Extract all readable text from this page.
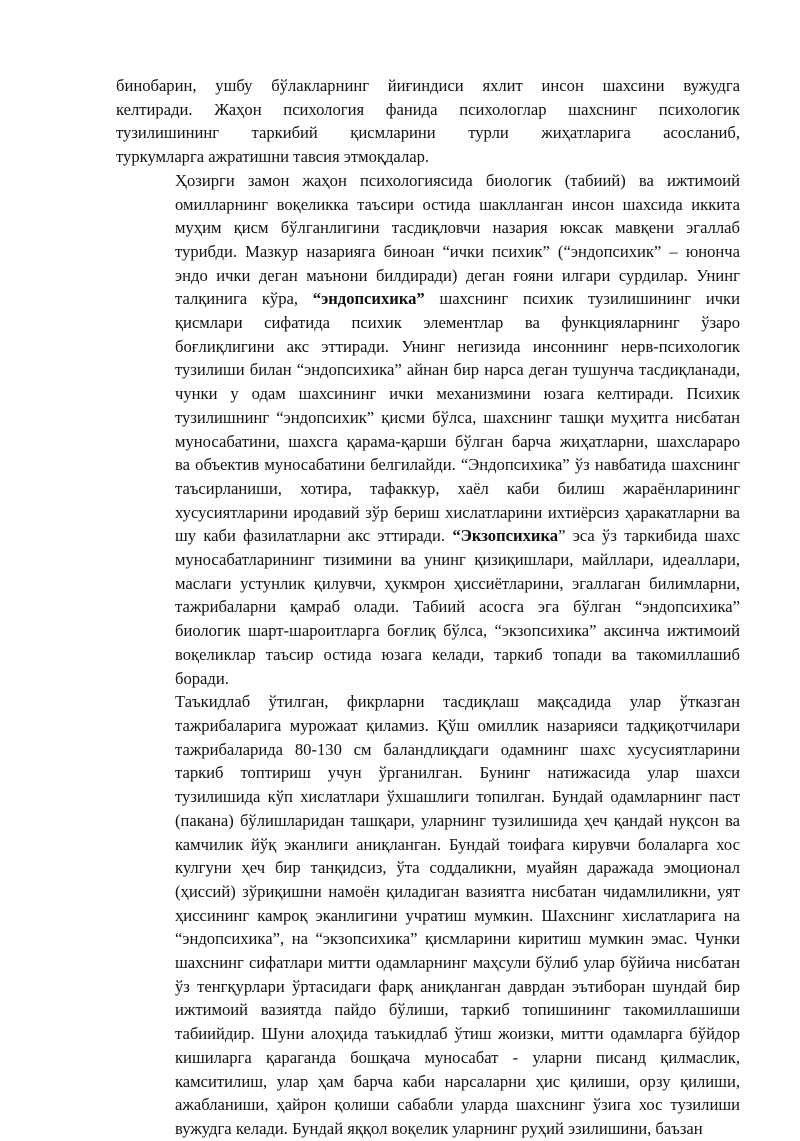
бинобарин, ушбу бўлакларнинг йиғиндиси яхлит инсон шахсини вужудга
келтиради. Жаҳон психология фанида психологлар шахснинг психологик
тузилишининг таркибий қисмларини турли жиҳатларига асосланиб,
туркумларга ажратишни тавсия этмоқдалар.
Ҳозирги замон жаҳон психологиясида биологик (табиий) ва ижтимоий
омилларнинг воқеликка таъсири остида шаклланган инсон шахсида иккита
муҳим қисм бўлганлигини тасдиқловчи назария юксак мавқени эгаллаб
турибди. Мазкур назарияга биноан “ички психик” (“эндопсихик” – юнонча
эндо ички деган маънони билдиради) деган ғояни илгари сурдилар. Унинг
талқинига кўра, “эндопсихика” шахснинг психик тузилишининг ички
қисмлари сифатида психик элементлар ва функцияларнинг ўзаро
боғлиқлигини акс эттиради. Унинг негизида инсоннинг нерв-психологик
тузилиши билан “эндопсихика” айнан бир нарса деган тушунча тасдиқланади,
чунки у одам шахсининг ички механизмини юзага келтиради. Психик
тузилишнинг “эндопсихик” қисми бўлса, шахснинг ташқи муҳитга нисбатан
муносабатини, шахсга қарама-қарши бўлган барча жиҳатларни, шахслараро
ва объектив муносабатини белгилайди. “Эндопсихика” ўз навбатида шахснинг
таъсирланиши, хотира, тафаккур, хаёл каби билиш жараёнларининг
хусусиятларини иродавий зўр бериш хислатларини ихтиёрсиз ҳаракатларни ва
шу каби фазилатларни акс эттиради. “Экзопсихика” эса ўз таркибида шахс
муносабатларининг тизимини ва унинг қизиқишлари, майллари, идеаллари,
маслаги устунлик қилувчи, ҳукмрон ҳиссиётларини, эгаллаган билимларни,
тажрибаларни қамраб олади. Табиий асосга эга бўлган “эндопсихика”
биологик шарт-шароитларга боғлиқ бўлса, “экзопсихика” аксинча ижтимоий
воқеликлар таъсир остида юзага келади, таркиб топади ва такомиллашиб
боради.
Таъкидлаб ўтилган, фикрларни тасдиқлаш мақсадида улар ўтказган
тажрибаларига мурожаат қиламиз. Қўш омиллик назарияси тадқиқотчилари
тажрибаларида 80-130 см баландлиқдаги одамнинг шахс хусусиятларини
таркиб топтириш учун ўрганилган. Бунинг натижасида улар шахси
тузилишида кўп хислатлари ўхшашлиги топилган. Бундай одамларнинг паст
(пакана) бўлишларидан ташқари, уларнинг тузилишида ҳеч қандай нуқсон ва
камчилик йўқ эканлиги аниқланган. Бундай тоифага кирувчи болаларга хос
кулгуни ҳеч бир танқидсиз, ўта соддаликни, муайян даражада эмоционал
(ҳиссий) зўриқишни намоён қиладиган вазиятга нисбатан чидамлиликни, уят
ҳиссининг камроқ эканлигини учратиш мумкин. Шахснинг хислатларига на
“эндопсихика”, на “экзопсихика” қисмларини киритиш мумкин эмас. Чунки
шахснинг сифатлари митти одамларнинг маҳсули бўлиб улар бўйича нисбатан
ўз тенгқурлари ўртасидаги фарқ аниқланган даврдан эътиборан шундай бир
ижтимоий вазиятда пайдо бўлиши, таркиб топишининг такомиллашиши
табиийдир. Шуни алоҳида таъкидлаб ўтиш жоизки, митти одамларга бўйдор
кишиларга қараганда бошқача муносабат - уларни писанд қилмаслик,
камситилиш, улар ҳам барча каби нарсаларни ҳис қилиши, орзу қилиши,
ажабланиши, ҳайрон қолиши сабабли уларда шахснинг ўзига хос тузилиши
вужудга келади. Бундай яққол воқелик уларнинг руҳий эзилишини, баъзан
